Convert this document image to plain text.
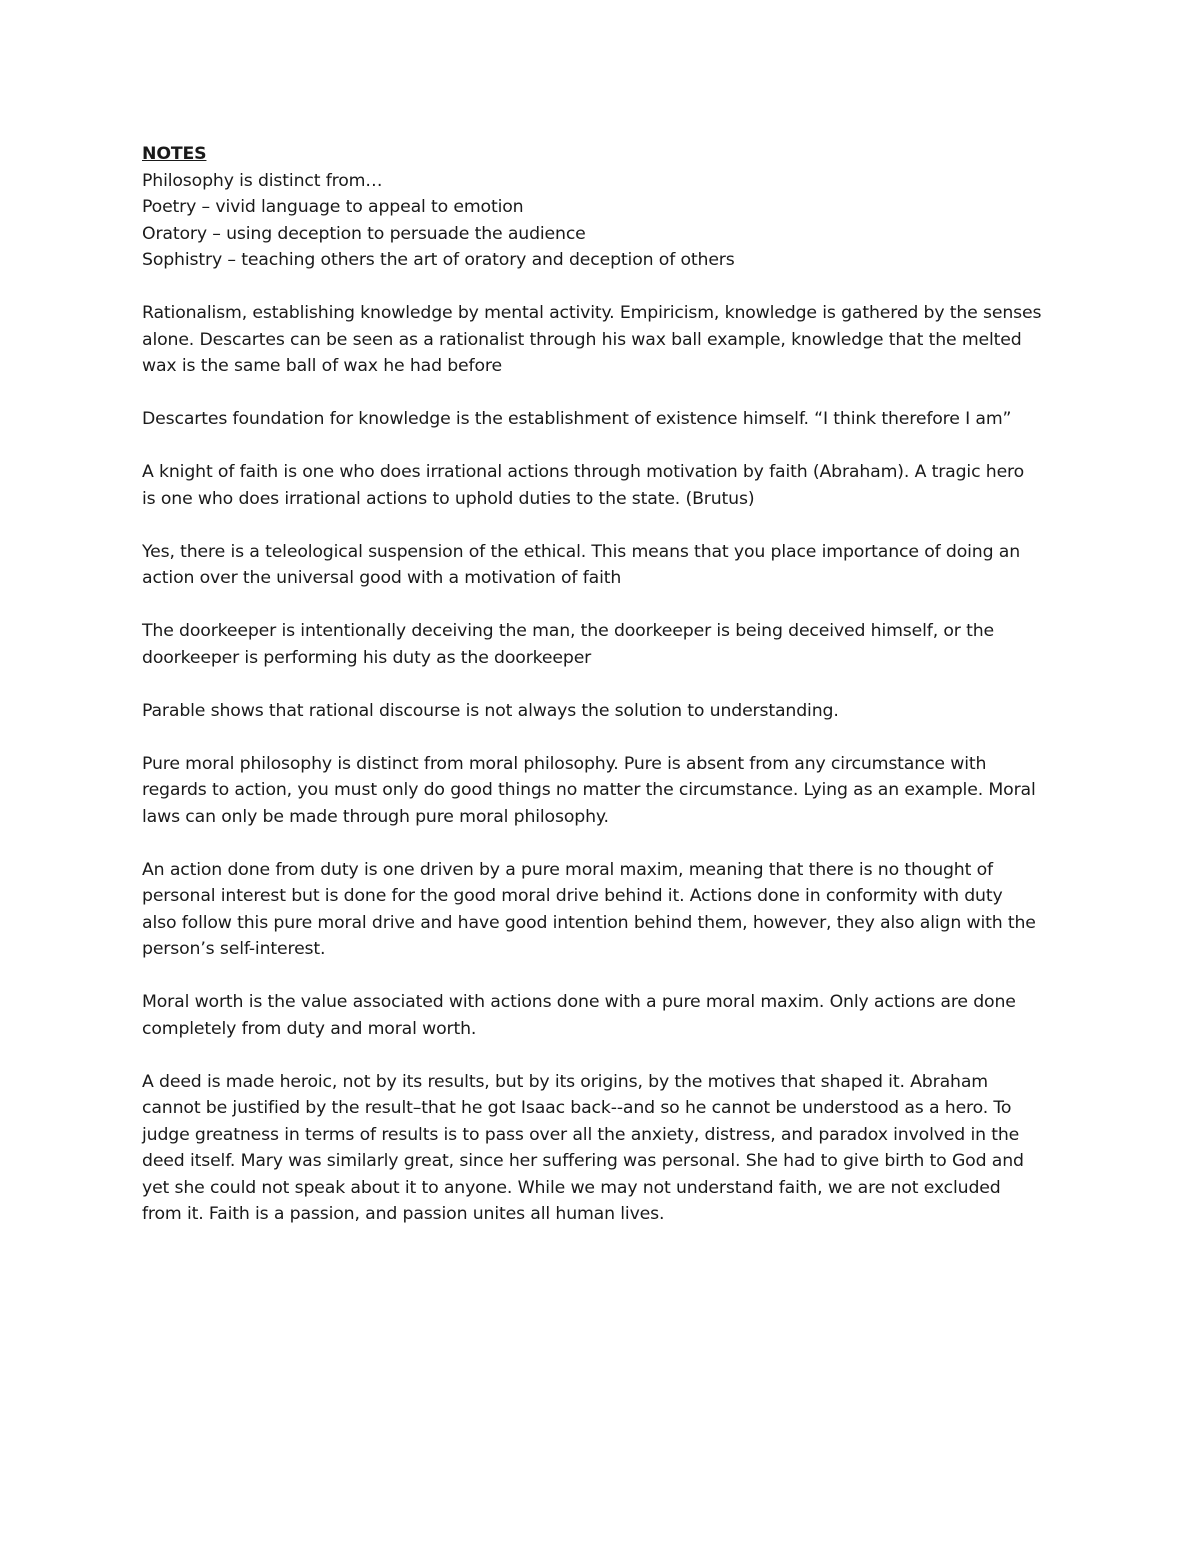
NOTES
Philosophy is distinct from…
Poetry – vivid language to appeal to emotion
Oratory – using deception to persuade the audience
Sophistry – teaching others the art of oratory and deception of others

Rationalism, establishing knowledge by mental activity. Empiricism, knowledge is gathered by the senses
alone. Descartes can be seen as a rationalist through his wax ball example, knowledge that the melted
wax is the same ball of wax he had before

Descartes foundation for knowledge is the establishment of existence himself. “I think therefore I am”

A knight of faith is one who does irrational actions through motivation by faith (Abraham). A tragic hero
is one who does irrational actions to uphold duties to the state. (Brutus)

Yes, there is a teleological suspension of the ethical. This means that you place importance of doing an
action over the universal good with a motivation of faith

The doorkeeper is intentionally deceiving the man, the doorkeeper is being deceived himself, or the
doorkeeper is performing his duty as the doorkeeper

Parable shows that rational discourse is not always the solution to understanding.

Pure moral philosophy is distinct from moral philosophy. Pure is absent from any circumstance with
regards to action, you must only do good things no matter the circumstance. Lying as an example. Moral
laws can only be made through pure moral philosophy.

An action done from duty is one driven by a pure moral maxim, meaning that there is no thought of
personal interest but is done for the good moral drive behind it. Actions done in conformity with duty
also follow this pure moral drive and have good intention behind them, however, they also align with the
person’s self-interest.

Moral worth is the value associated with actions done with a pure moral maxim. Only actions are done
completely from duty and moral worth.

A deed is made heroic, not by its results, but by its origins, by the motives that shaped it. Abraham
cannot be justified by the result–that he got Isaac back--and so he cannot be understood as a hero. To
judge greatness in terms of results is to pass over all the anxiety, distress, and paradox involved in the
deed itself. Mary was similarly great, since her suffering was personal. She had to give birth to God and
yet she could not speak about it to anyone. While we may not understand faith, we are not excluded
from it. Faith is a passion, and passion unites all human lives.
